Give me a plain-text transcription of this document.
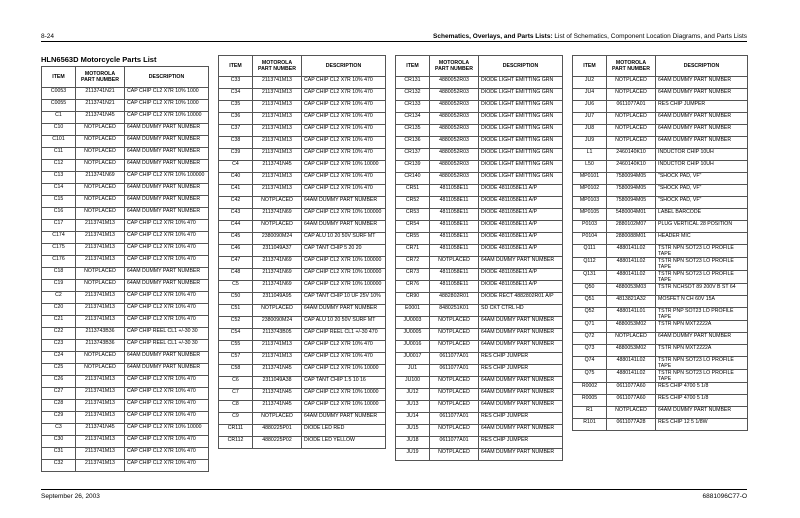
8-24	Schematics, Overlays, and Parts Lists: List of Schematics, Component Location Diagrams, and Parts Lists
HLN6563D Motorcycle Parts List
ITEM	MOTOROLA PART NUMBER	DESCRIPTION
C0053	2113741N21	CAP CHIP CL2 X7R 10% 1000
C0055	2113741N21	CAP CHIP CL2 X7R 10% 1000
C1	2113741N45	CAP CHIP CL2 X7R 10% 10000
C10	NOTPLACED	64AM DUMMY PART NUMBER
C101	NOTPLACED	64AM DUMMY PART NUMBER
C11	NOTPLACED	64AM DUMMY PART NUMBER
C12	NOTPLACED	64AM DUMMY PART NUMBER
C13	2113741N69	CAP CHIP CL2 X7R 10% 100000
C14	NOTPLACED	64AM DUMMY PART NUMBER
C15	NOTPLACED	64AM DUMMY PART NUMBER
C16	NOTPLACED	64AM DUMMY PART NUMBER
C17	2113741M13	CAP CHIP CL2 X7R 10% 470
C174	2113741M13	CAP CHIP CL2 X7R 10% 470
C175	2113741M13	CAP CHIP CL2 X7R 10% 470
C176	2113741M13	CAP CHIP CL2 X7R 10% 470
C18	NOTPLACED	64AM DUMMY PART NUMBER
C19	NOTPLACED	64AM DUMMY PART NUMBER
C2	2113741M13	CAP CHIP CL2 X7R 10% 470
C20	2113741M13	CAP CHIP CL2 X7R 10% 470
C21	2113741M13	CAP CHIP CL2 X7R 10% 470
C22	2113743B36	CAP CHIP REEL CL1 +/-30 30
C23	2113743B36	CAP CHIP REEL CL1 +/-30 30
C24	NOTPLACED	64AM DUMMY PART NUMBER
C25	NOTPLACED	64AM DUMMY PART NUMBER
C26	2113741M13	CAP CHIP CL2 X7R 10% 470
C27	2113741M13	CAP CHIP CL2 X7R 10% 470
C28	2113741M13	CAP CHIP CL2 X7R 10% 470
C29	2113741M13	CAP CHIP CL2 X7R 10% 470
C3	2113741N45	CAP CHIP CL2 X7R 10% 10000
C30	2113741M13	CAP CHIP CL2 X7R 10% 470
C31	2113741M13	CAP CHIP CL2 X7R 10% 470
C32	2113741M13	CAP CHIP CL2 X7R 10% 470
ITEM	MOTOROLA PART NUMBER	DESCRIPTION
C33	2113741M13	CAP CHIP CL2 X7R 10% 470
C34	2113741M13	CAP CHIP CL2 X7R 10% 470
C35	2113741M13	CAP CHIP CL2 X7R 10% 470
C36	2113741M13	CAP CHIP CL2 X7R 10% 470
C37	2113741M13	CAP CHIP CL2 X7R 10% 470
C38	2113741M13	CAP CHIP CL2 X7R 10% 470
C39	2113741M13	CAP CHIP CL2 X7R 10% 470
C4	2113741N45	CAP CHIP CL2 X7R 10% 10000
C40	2113741M13	CAP CHIP CL2 X7R 10% 470
C41	2113741M13	CAP CHIP CL2 X7R 10% 470
C42	NOTPLACED	64AM DUMMY PART NUMBER
C43	2113741N69	CAP CHIP CL2 X7R 10% 100000
C44	NOTPLACED	64AM DUMMY PART NUMBER
C45	2380090M24	CAP ALU 10 20 50V SURF MT
C46	2311049A37	CAP TANT CHIP 5 20 20
C47	2113741N69	CAP CHIP CL2 X7R 10% 100000
C48	2113741N69	CAP CHIP CL2 X7R 10% 100000
C5	2113741N69	CAP CHIP CL2 X7R 10% 100000
C50	2311049A95	CAP TANT CHIP 10 UF 25V 10%
C51	NOTPLACED	64AM DUMMY PART NUMBER
C52	2380090M24	CAP ALU 10 20 50V SURF MT
C54	2113743B05	CAP CHIP REEL CL1 +/-30 470
C55	2113741M13	CAP CHIP CL2 X7R 10% 470
C57	2113741M13	CAP CHIP CL2 X7R 10% 470
C58	2113741N45	CAP CHIP CL2 X7R 10% 10000
C6	2311049A38	CAP TANT CHIP 1.5 10 16
C7	2113741N45	CAP CHIP CL2 X7R 10% 10000
C8	2113741N45	CAP CHIP CL2 X7R 10% 10000
C9	NOTPLACED	64AM DUMMY PART NUMBER
CR111	4880225P01	DIODE LED RED
CR112	4880225P02	DIODE LED YELLOW
ITEM	MOTOROLA PART NUMBER	DESCRIPTION
CR131	4880052R03	DIODE LIGHT EMITTING GRN
CR132	4880052R03	DIODE LIGHT EMITTING GRN
CR133	4880052R03	DIODE LIGHT EMITTING GRN
CR134	4880052R03	DIODE LIGHT EMITTING GRN
CR135	4880052R03	DIODE LIGHT EMITTING GRN
CR136	4880052R03	DIODE LIGHT EMITTING GRN
CR137	4880052R03	DIODE LIGHT EMITTING GRN
CR139	4880052R03	DIODE LIGHT EMITTING GRN
CR140	4880052R03	DIODE LIGHT EMITTING GRN
CR51	4811058E11	DIODE 4811058E11 A/P
CR52	4811058E11	DIODE 4811058E11 A/P
CR53	4811058E11	DIODE 4811058E11 A/P
CR54	4811058E11	DIODE 4811058E11 A/P
CR55	4811058E11	DIODE 4811058E11 A/P
CR71	4811058E11	DIODE 4811058E11 A/P
CR72	NOTPLACED	64AM DUMMY PART NUMBER
CR73	4811058E11	DIODE 4811058E11 A/P
CR76	4811058E11	DIODE 4811058E11 A/P
CR90	4882802R01	DIODE RECT 4882802R01 A/P
E0001	8480251K01	SD CKT CTRL HD
JU0003	NOTPLACED	64AM DUMMY PART NUMBER
JU0005	NOTPLACED	64AM DUMMY PART NUMBER
JU0016	NOTPLACED	64AM DUMMY PART NUMBER
JU0017	0611077A01	RES CHIP JUMPER
JU1	0611077A01	RES CHIP JUMPER
JU100	NOTPLACED	64AM DUMMY PART NUMBER
JU12	NOTPLACED	64AM DUMMY PART NUMBER
JU13	NOTPLACED	64AM DUMMY PART NUMBER
JU14	0611077A01	RES CHIP JUMPER
JU15	NOTPLACED	64AM DUMMY PART NUMBER
JU18	0611077A01	RES CHIP JUMPER
JU19	NOTPLACED	64AM DUMMY PART NUMBER
ITEM	MOTOROLA PART NUMBER	DESCRIPTION
JU2	NOTPLACED	64AM DUMMY PART NUMBER
JU4	NOTPLACED	64AM DUMMY PART NUMBER
JU6	0611077A01	RES CHIP JUMPER
JU7	NOTPLACED	64AM DUMMY PART NUMBER
JU8	NOTPLACED	64AM DUMMY PART NUMBER
JU9	NOTPLACED	64AM DUMMY PART NUMBER
L1	2460140K10	INDUCTOR CHIP 10UH
L50	2460140K10	INDUCTOR CHIP 10UH
MP0101	7580094M05	"SHOCK PAD, VF"
MP0102	7580094M05	"SHOCK PAD, VF"
MP0103	7580094M05	"SHOCK PAD, VF"
MP0105	5480004M01	LABEL BARCODE
P0103	2880102M07	PLUG VERTICAL 28 POSITION
P0104	2880088M01	HEADER MIC
Q111	4880141L02	TSTR NPN SOT23 LO PROFILE TAPE
Q112	4880141L02	TSTR NPN SOT23 LO PROFILE TAPE
Q131	4880141L02	TSTR NPN SOT23 LO PROFILE TAPE
Q50	4880053M03	TSTR NCHSOT 89 200V B ST 64
Q51	4813821A32	MOSFET N CH 60V 15A
Q52	4880141L01	TSTR PNP SOT23 LO PROFILE TAPE
Q71	4880053M02	TSTR NPN MXT2222A
Q72	NOTPLACED	64AM DUMMY PART NUMBER
Q73	4880053M02	TSTR NPN MXT2222A
Q74	4880141L02	TSTR NPN SOT23 LO PROFILE TAPE
Q75	4880141L02	TSTR NPN SOT23 LO PROFILE TAPE
R0002	0611077A60	RES CHIP 4700 5 1/8
R0005	0611077A60	RES CHIP 4700 5 1/8
R1	NOTPLACED	64AM DUMMY PART NUMBER
R101	0611077A28	RES CHIP 12 5 1/8W
September 26, 2003	6881096C77-O
